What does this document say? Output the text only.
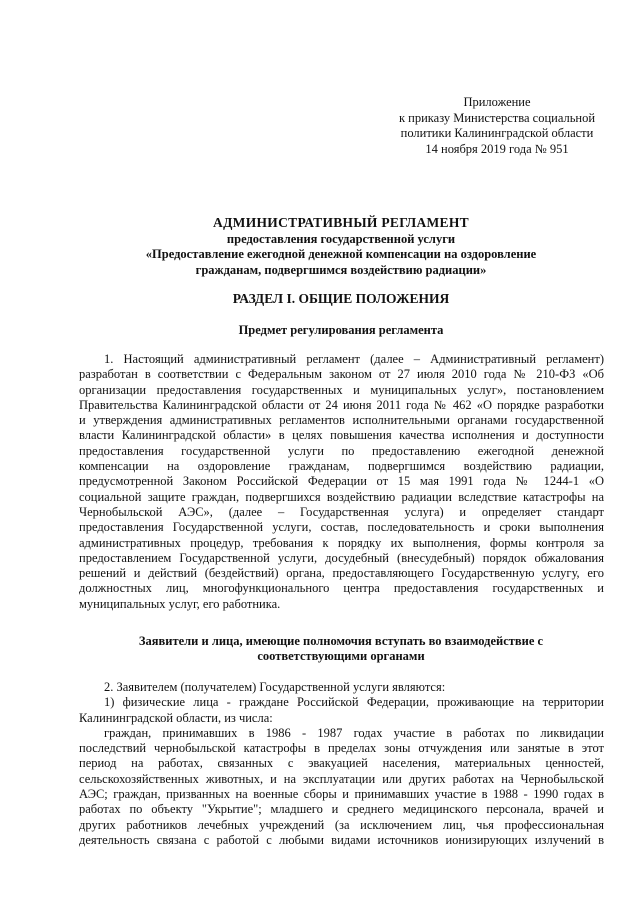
Приложение
к приказу Министерства социальной
политики Калининградской области
14 ноября 2019 года № 951
АДМИНИСТРАТИВНЫЙ РЕГЛАМЕНТ
предоставления государственной услуги
«Предоставление ежегодной денежной компенсации на оздоровление
гражданам, подвергшимся воздействию радиации»
РАЗДЕЛ I. ОБЩИЕ ПОЛОЖЕНИЯ
Предмет регулирования регламента
1. Настоящий административный регламент (далее – Административный регламент)
разработан в соответствии с Федеральным законом от 27 июля 2010 года № 210-ФЗ «Об
организации предоставления государственных и муниципальных услуг», постановлением
Правительства Калининградской области от 24 июня 2011 года № 462 «О порядке разработки
и утверждения административных регламентов исполнительными органами государственной
власти Калининградской области» в целях повышения качества исполнения и доступности
предоставления государственной услуги по предоставлению ежегодной денежной
компенсации на оздоровление гражданам, подвергшимся воздействию радиации,
предусмотренной Законом Российской Федерации от 15 мая 1991 года № 1244-1 «О
социальной защите граждан, подвергшихся воздействию радиации вследствие катастрофы на
Чернобыльской АЭС», (далее – Государственная услуга) и определяет стандарт
предоставления Государственной услуги, состав, последовательность и сроки выполнения
административных процедур, требования к порядку их выполнения, формы контроля за
предоставлением Государственной услуги, досудебный (внесудебный) порядок обжалования
решений и действий (бездействий) органа, предоставляющего Государственную услугу, его
должностных лиц, многофункционального центра предоставления государственных и
муниципальных услуг, его работника.
Заявители и лица, имеющие полномочия вступать во взаимодействие с
соответствующими органами
2. Заявителем (получателем) Государственной услуги являются:
1) физические лица - граждане Российской Федерации, проживающие на территории
Калининградской области, из числа:
граждан, принимавших в 1986 - 1987 годах участие в работах по ликвидации
последствий чернобыльской катастрофы в пределах зоны отчуждения или занятые в этот
период на работах, связанных с эвакуацией населения, материальных ценностей,
сельскохозяйственных животных, и на эксплуатации или других работах на Чернобыльской
АЭС; граждан, призванных на военные сборы и принимавших участие в 1988 - 1990 годах в
работах по объекту "Укрытие"; младшего и среднего медицинского персонала, врачей и
других работников лечебных учреждений (за исключением лиц, чья профессиональная
деятельность связана с работой с любыми видами источников ионизирующих излучений в
